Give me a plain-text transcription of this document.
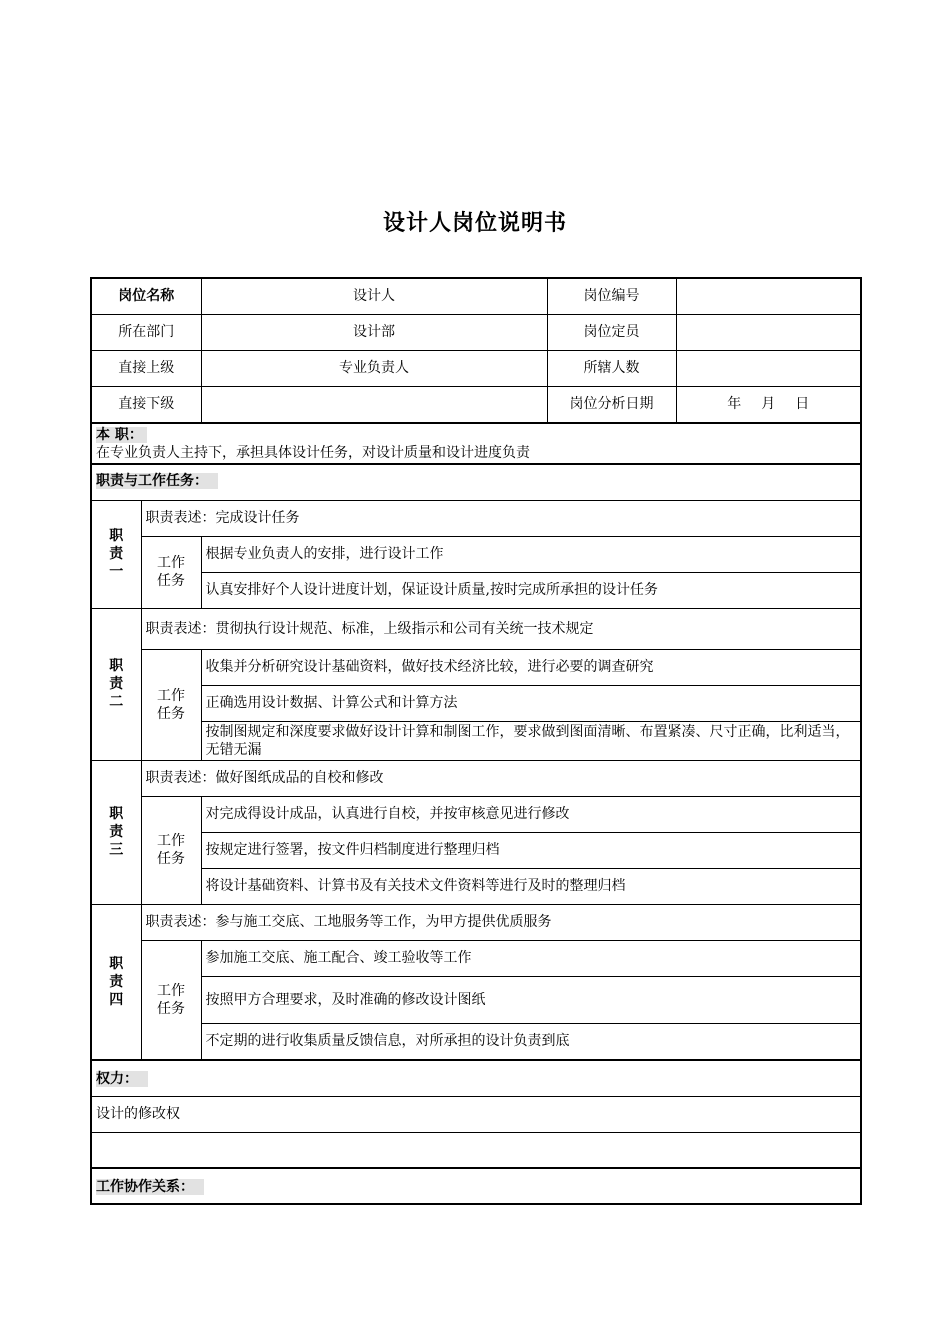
设计人岗位说明书
岗位名称		设计人	岗位编号	
所在部门		设计部	岗位定员	
直接上级		专业负责人	所辖人数	
直接下级			岗位分析日期	年 月 日

本 职：
在专业负责人主持下，承担具体设计任务，对设计质量和设计进度负责				

职责与工作任务：				

职
责
一	职责表述：完成设计任务			

	工作
任务	根据专业负责人的安排，进行设计工作		
		认真安排好个人设计进度计划，保证设计质量,按时完成所承担的设计任务		

职
责
二	职责表述：贯彻执行设计规范、标准，上级指示和公司有关统一技术规定			

	工作
任务	收集并分析研究设计基础资料，做好技术经济比较，进行必要的调查研究		
		正确选用设计数据、计算公式和计算方法		
		按制图规定和深度要求做好设计计算和制图工作，要求做到图面清晰、布置紧凑、尺寸正确，比利适当，无错无漏		

职
责
三	职责表述：做好图纸成品的自校和修改			

	工作
任务	对完成得设计成品，认真进行自校，并按审核意见进行修改		
		按规定进行签署，按文件归档制度进行整理归档		
		将设计基础资料、计算书及有关技术文件资料等进行及时的整理归档		

职
责
四	职责表述：参与施工交底、工地服务等工作，为甲方提供优质服务			

	工作
任务	参加施工交底、施工配合、竣工验收等工作		
		按照甲方合理要求，及时准确的修改设计图纸		
		不定期的进行收集质量反馈信息，对所承担的设计负责到底		
权力：				
设计的修改权				

工作协作关系：				
